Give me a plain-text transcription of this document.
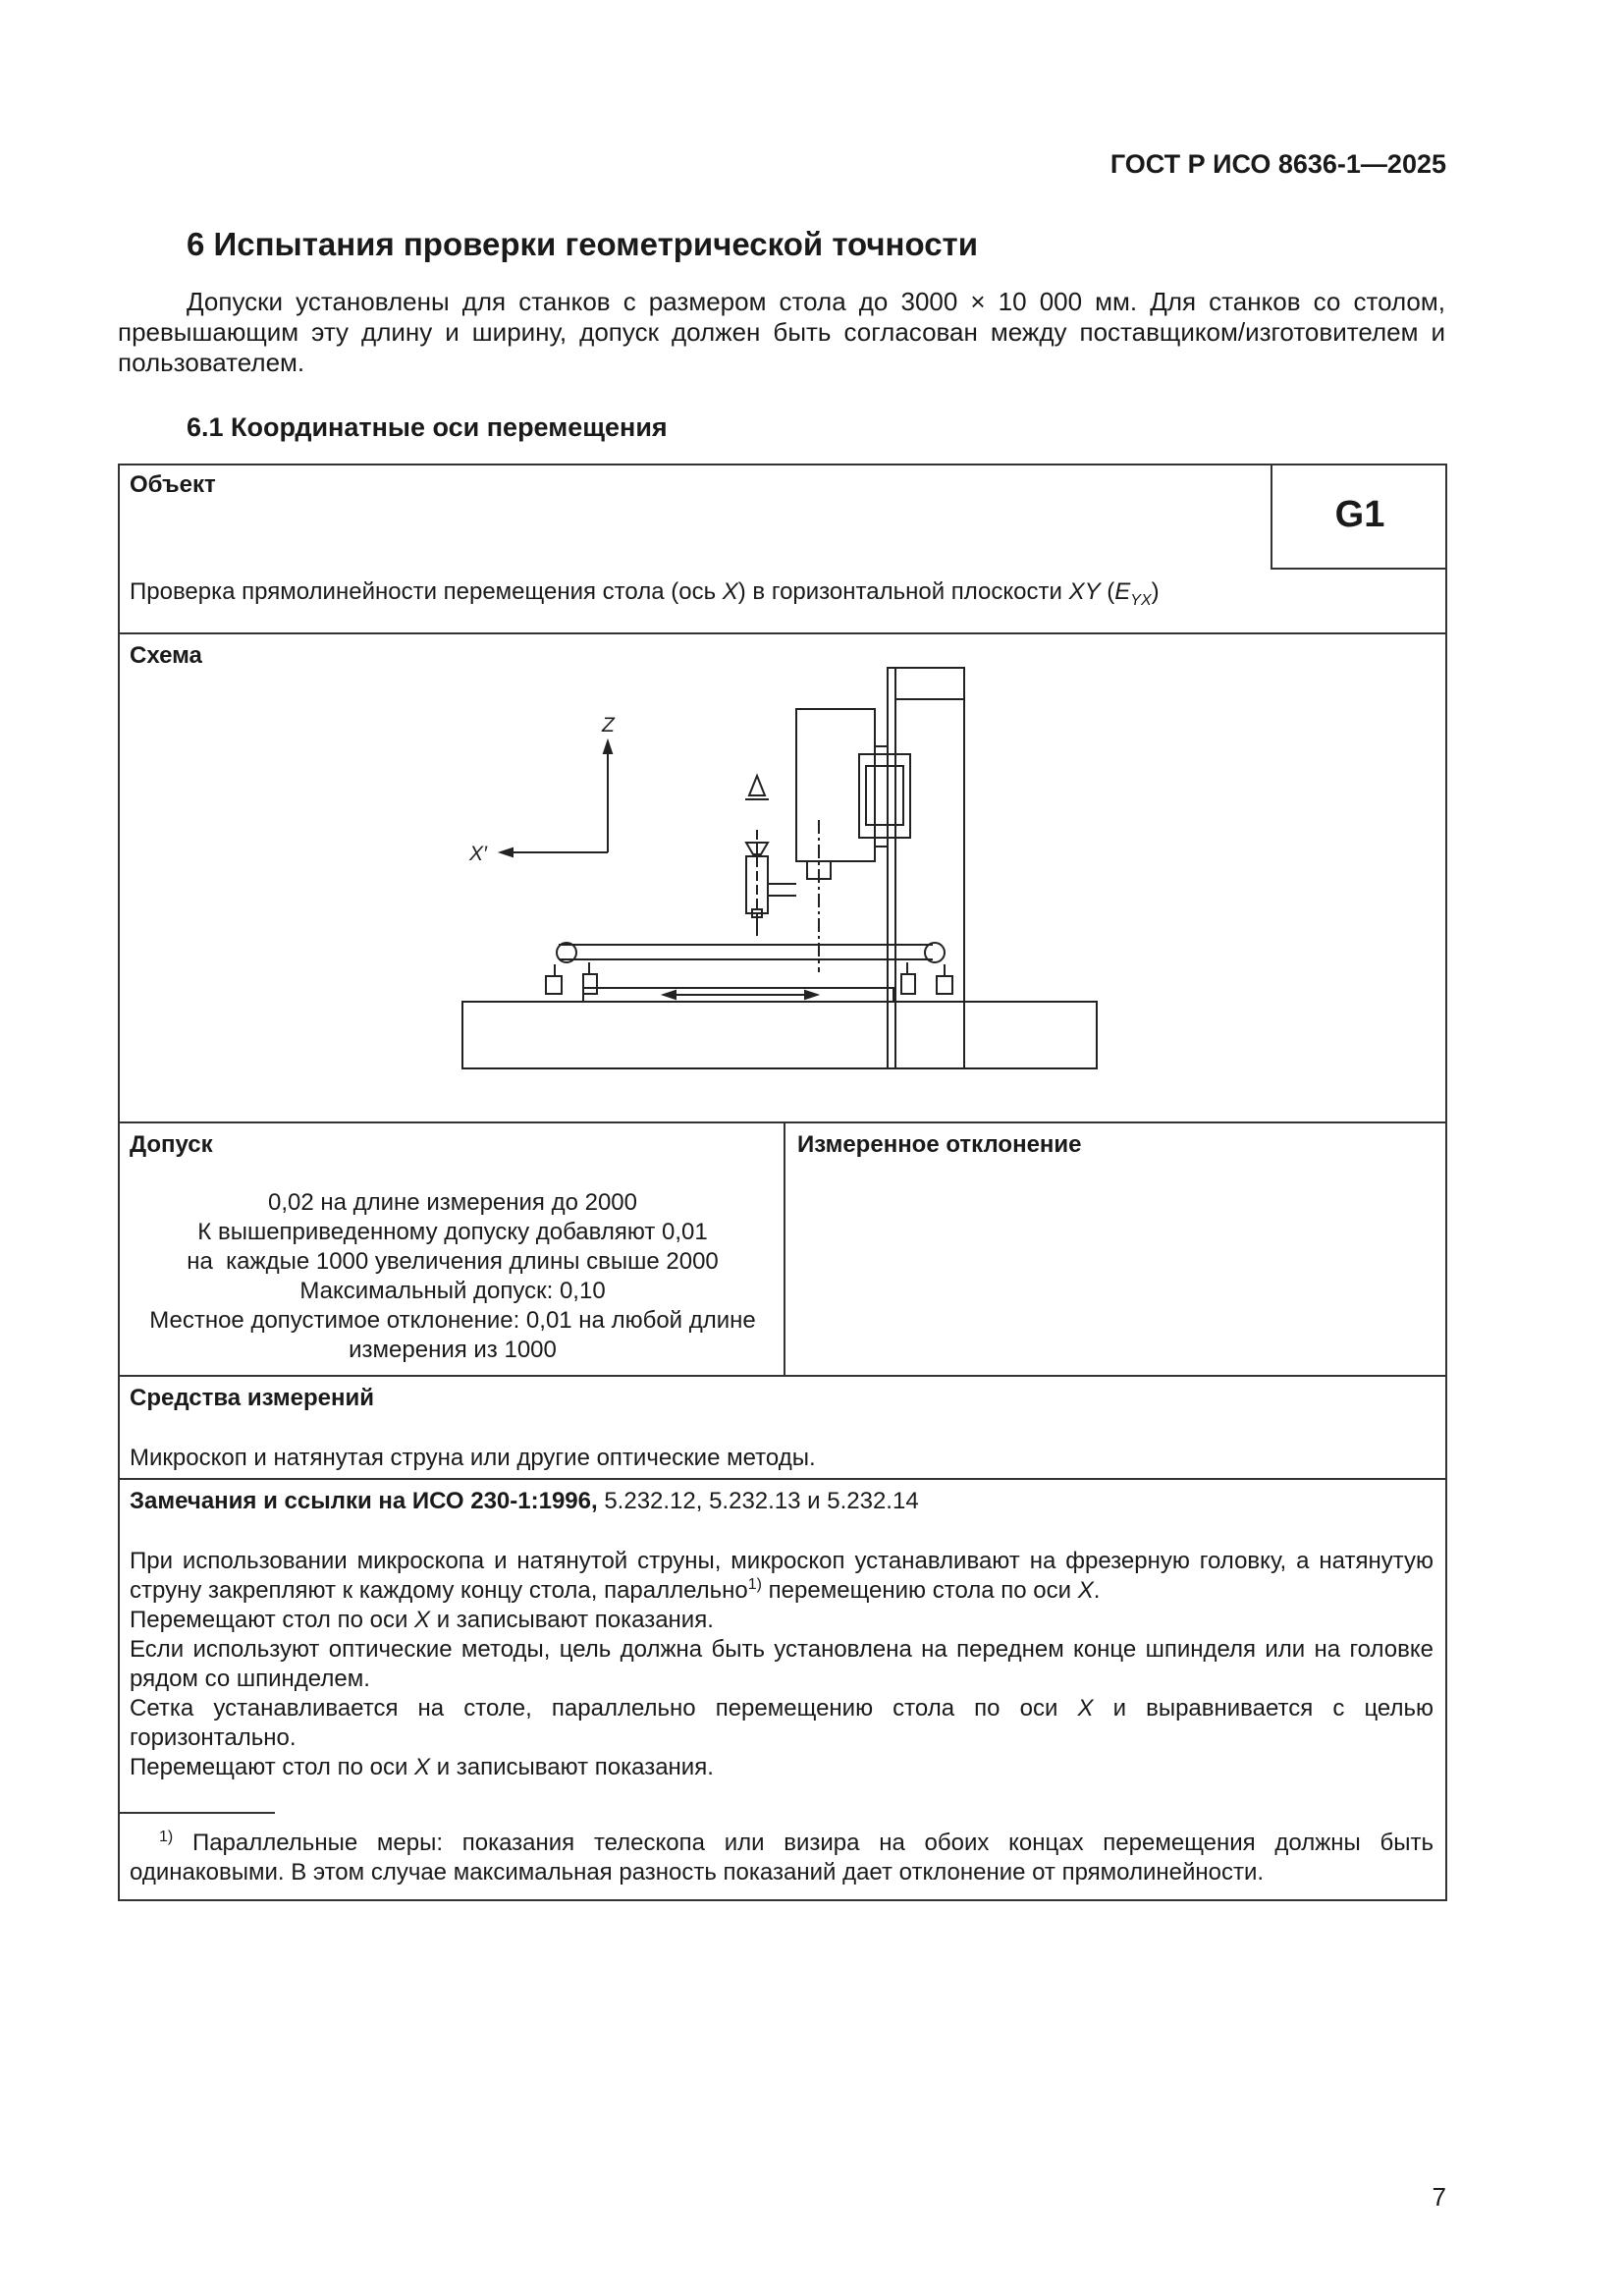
ГОСТ Р ИСО 8636-1—2025
6 Испытания проверки геометрической точности

Допуски установлены для станков с размером стола до 3000 × 10 000 мм. Для станков со столом, превышающим эту длину и ширину, допуск должен быть согласован между поставщиком/изготовителем и пользователем.

6.1 Координатные оси перемещения
Объект
G1
Проверка прямолинейности перемещения стола (ось X) в горизонтальной плоскости XY $(E_{YX})$
Схема
Z
X′
Допуск	Измеренное отклонение
0,02 на длине измерения до 2000
К вышеприведенному допуску добавляют 0,01
на  каждые 1000 увеличения длины свыше 2000
Максимальный допуск: 0,10
Местное допустимое отклонение: 0,01 на любой длине
измерения из 1000
Средства измерений
Микроскоп и натянутая струна или другие оптические методы.
Замечания и ссылки на ИСО 230-1:1996, 5.232.12, 5.232.13 и 5.232.14

При использовании микроскопа и натянутой струны, микроскоп устанавливают на фрезерную головку, а натянутую струну закрепляют к каждому концу стола, параллельно$^{1)}$ перемещению стола по оси X.

Перемещают стол по оси X и записывают показания.

Если используют оптические методы, цель должна быть установлена на переднем конце шпинделя или на головке рядом со шпинделем.

Сетка устанавливается на столе, параллельно перемещению стола по оси X и выравнивается с целью горизонтально.

Перемещают стол по оси X и записывают показания.

$^{1)}$ Параллельные меры: показания телескопа или визира на обоих концах перемещения должны быть одинаковыми. В этом случае максимальная разность показаний дает отклонение от прямолинейности.

7
